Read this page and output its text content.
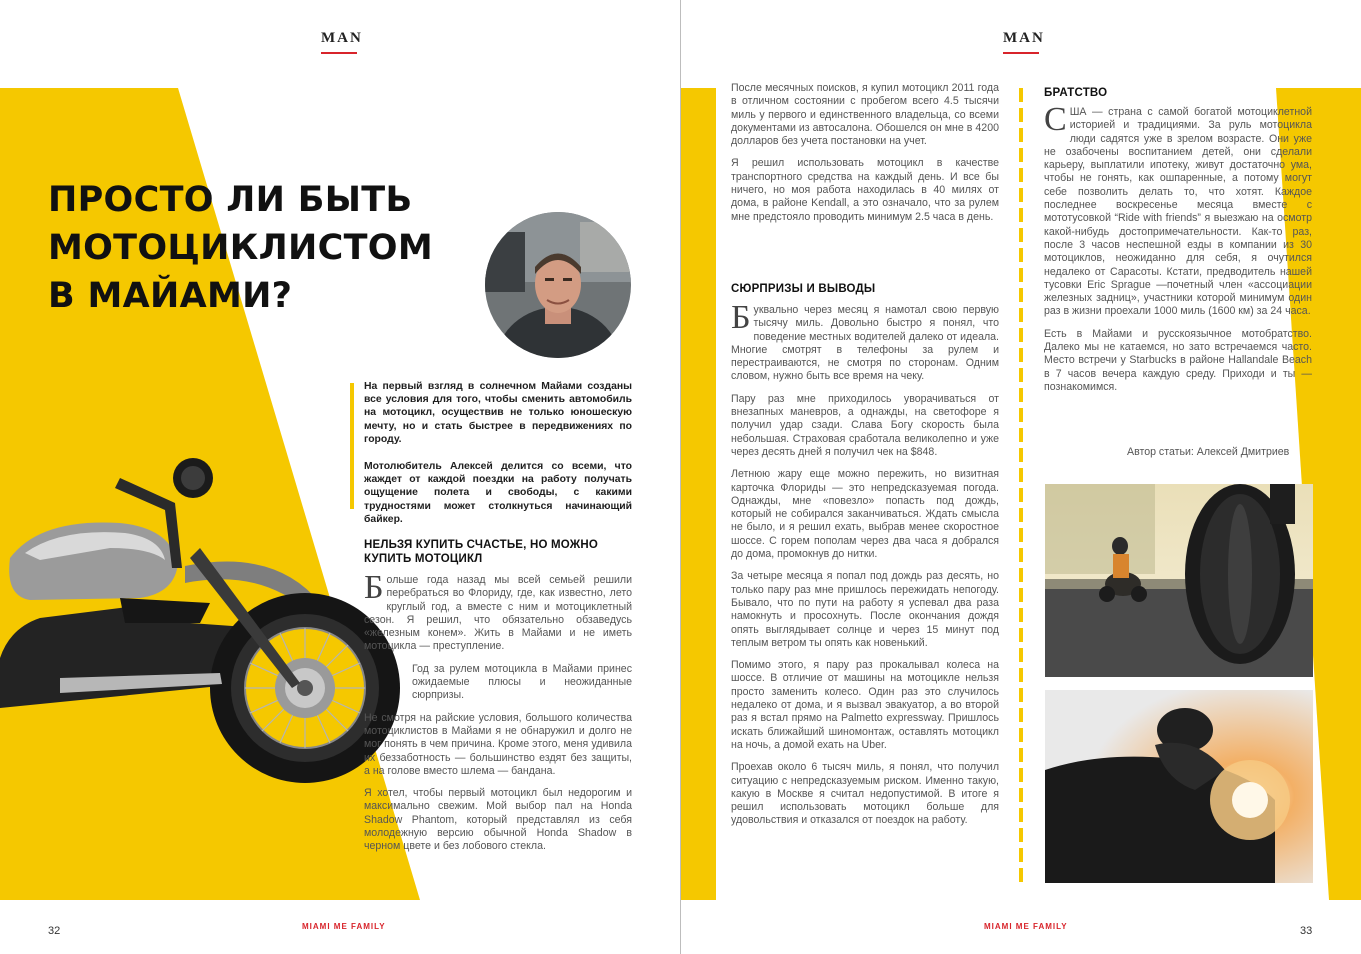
MAN
ПРОСТО ЛИ БЫТЬ
МОТОЦИКЛИСТОМ
В МАЙАМИ?

На первый взгляд в солнечном Майами созданы все условия для того, чтобы сменить автомобиль на мотоцикл, осуществив не только юношескую мечту, но и стать быстрее в передвижениях по городу.

Мотолюбитель Алексей делится со всеми, что жаждет от каждой поездки на работу получать ощущение полета и свободы, с какими трудностями может столкнуться начинающий байкер.

НЕЛЬЗЯ КУПИТЬ СЧАСТЬЕ, НО МОЖНО КУПИТЬ МОТОЦИКЛ

Больше года назад мы всей семьей решили перебраться во Флориду, где, как известно, лето круглый год, а вместе с ним и мотоциклетный сезон. Я решил, что обязательно обзаведусь «железным конем». Жить в Майами и не иметь мотоцикла — преступление.

Год за рулем мотоцикла в Майами принес ожидаемые плюсы и неожиданные сюрпризы.

Не смотря на райские условия, большого количества мотоциклистов в Майами я не обнаружил и долго не мог понять в чем причина. Кроме этого, меня удивила их беззаботность — большинство ездят без защиты, а на голове вместо шлема — бандана.

Я хотел, чтобы первый мотоцикл был недорогим и максимально свежим. Мой выбор пал на Honda Shadow Phantom, который представлял из себя молодежную версию обычной Honda Shadow в черном цвете и без лобового стекла.

32	MIAMI ME FAMILY
MAN

После месячных поисков, я купил мотоцикл 2011 года в отличном состоянии с пробегом всего 4.5 тысячи миль у первого и единственного владельца, со всеми документами из автосалона. Обошелся он мне в 4200 долларов без учета постановки на учет.

Я решил использовать мотоцикл в качестве транспортного средства на каждый день. И все бы ничего, но моя работа находилась в 40 милях от дома, в районе Kendall, а это означало, что за рулем мне предстояло проводить минимум 2.5 часа в день.

СЮРПРИЗЫ И ВЫВОДЫ

Буквально через месяц я намотал свою первую тысячу миль. Довольно быстро я понял, что поведение местных водителей далеко от идеала. Многие смотрят в телефоны за рулем и перестраиваются, не смотря по сторонам. Одним словом, нужно быть все время на чеку.

Пару раз мне приходилось уворачиваться от внезапных маневров, а однажды, на светофоре я получил удар сзади. Слава Богу скорость была небольшая. Страховая сработала великолепно и уже через десять дней я получил чек на $848.

Летнюю жару еще можно пережить, но визитная карточка Флориды — это непредсказуемая погода. Однажды, мне «повезло» попасть под дождь, который не собирался заканчиваться. Ждать смысла не было, и я решил ехать, выбрав менее скоростное шоссе. С горем пополам через два часа я добрался до дома, промокнув до нитки.

За четыре месяца я попал под дождь раз десять, но только пару раз мне пришлось пережидать непогоду. Бывало, что по пути на работу я успевал два раза намокнуть и просохнуть. После окончания дождя опять выглядывает солнце и через 15 минут под теплым ветром ты опять как новенький.

Помимо этого, я пару раз прокалывал колеса на шоссе. В отличие от машины на мотоцикле нельзя просто заменить колесо. Один раз это случилось недалеко от дома, и я вызвал эвакуатор, а во второй раз я встал прямо на Palmetto expressway. Пришлось искать ближайший шиномонтаж, оставлять мотоцикл на ночь, а домой ехать на Uber.

Проехав около 6 тысяч миль, я понял, что получил ситуацию с непредсказуемым риском. Именно такую, какую в Москве я считал недопустимой. В итоге я решил использовать мотоцикл больше для удовольствия и отказался от поездок на работу.

БРАТСТВО

США — страна с самой богатой мотоциклетной историей и традициями. За руль мотоцикла люди садятся уже в зрелом возрасте. Они уже не озабочены воспитанием детей, они сделали карьеру, выплатили ипотеку, живут достаточно ума, чтобы не гонять, как ошпаренные, а потому могут себе позволить делать то, что хотят. Каждое последнее воскресенье месяца вместе с мототусовкой “Ride with friends” я выезжаю на осмотр какой-нибудь достопримечательности. Как-то раз, после 3 часов неспешной езды в компании из 30 мотоциклов, неожиданно для себя, я очутился недалеко от Сарасоты. Кстати, предводитель нашей тусовки Eric Sprague —почетный член «ассоциации железных задниц», участники которой минимум один раз в жизни проехали 1000 миль (1600 км) за 24 часа.

Есть в Майами и русскоязычное мотобратство. Далеко мы не катаемся, но зато встречаемся часто. Место встречи у Starbucks в районе Hallandale Beach в 7 часов вечера каждую среду. Приходи и ты — познакомимся.

Автор статьи: Алексей Дмитриев
MIAMI ME FAMILY	33
